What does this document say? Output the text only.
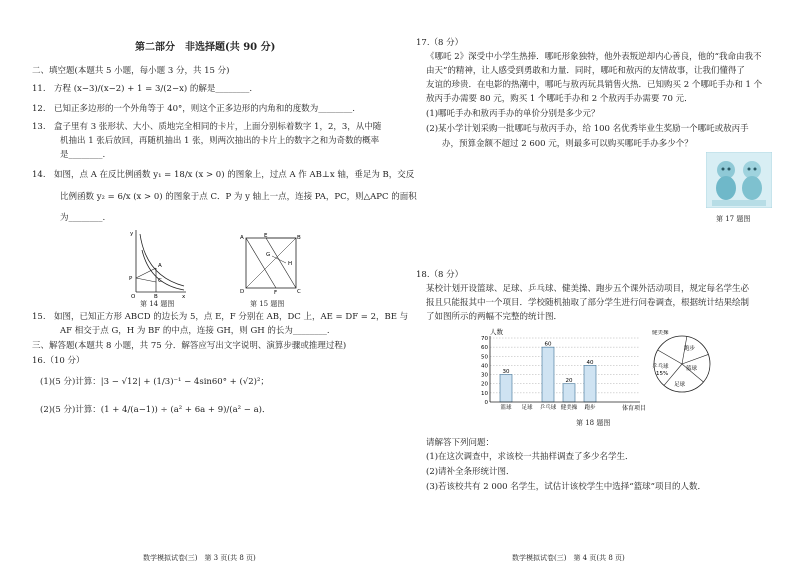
第二部分　非选择题(共 90 分)
二、填空题(本题共 5 小题，每小题 3 分，共 15 分)
11.　方程 (x−3)/(x−2) + 1 = 3/(2−x) 的解是________.
12.　已知正多边形的一个外角等于 40°，则这个正多边形的内角和的度数为________.
13.　盒子里有 3 张形状、大小、质地完全相同的卡片，上面分别标着数字 1，2，3，从中随
机抽出 1 张后放回，再随机抽出 1 张，则两次抽出的卡片上的数字之和为奇数的概率
是________.
14.　如图，点 A 在反比例函数 y₁ = 18/x (x > 0) 的图象上，过点 A 作 AB⊥x 轴，垂足为 B，交反
比例函数 y₂ = 6/x (x > 0) 的图象于点 C．P 为 y 轴上一点，连接 PA，PC，则△APC 的面积
为________.
y
A
C
P
O	B	x
第 14 题图
A	E	B
D	F	C
G
H
第 15 题图
15.　如图，已知正方形 ABCD 的边长为 5，点 E，F 分别在 AB，DC 上，AE = DF = 2，BE 与
AF 相交于点 G，H 为 BF 的中点，连接 GH，则 GH 的长为________.
三、解答题(本题共 8 小题，共 75 分．解答应写出文字说明、演算步骤或推理过程)
16.（10 分）
(1)(5 分)计算：|3 − √12| + (1/3)⁻¹ − 4sin60° + (√2)²；
(2)(5 分)计算：(1 + 4/(a−1)) ÷ (a² + 6a + 9)/(a² − a)．
数学模拟试卷(三)　第 3 页(共 8 页)
17.（8 分）
《哪吒 2》深受中小学生热捧．哪吒形象独特，他外表叛逆却内心善良，他的“我命由我不
由天”的精神，让人感受到勇敢和力量．同时，哪吒和敖丙的友情故事，让我们懂得了
友谊的珍贵．在电影的热潮中，哪吒与敖丙玩具销售火热．已知购买 2 个哪吒手办和 1 个
敖丙手办需要 80 元，购买 1 个哪吒手办和 2 个敖丙手办需要 70 元．
(1)哪吒手办和敖丙手办的单价分别是多少元？
(2)某小学计划采购一批哪吒与敖丙手办，给 100 名优秀毕业生奖励一个哪吒或敖丙手
办，预算金额不超过 2 600 元，则最多可以购买哪吒手办多少个？
第 17 题图
18.（8 分）
某校计划开设篮球、足球、乒乓球、健美操、跑步五个课外活动项目，规定每名学生必
报且只能报其中一个项目．学校随机抽取了部分学生进行问卷调查，根据统计结果绘制
了如图所示的两幅不完整的统计图．
人数
30
60
20
40
0
10
20
30
40
50
60
70
篮球 足球 乒乓球 健美操 跑步	体育项目
健美操
跑步
乒乓球	篮球
足球
15%
第 18 题图
请解答下列问题：
(1)在这次调查中，求该校一共抽样调查了多少名学生．
(2)请补全条形统计图．
(3)若该校共有 2 000 名学生，试估计该校学生中选择“篮球”项目的人数．
数学模拟试卷(三)　第 4 页(共 8 页)
